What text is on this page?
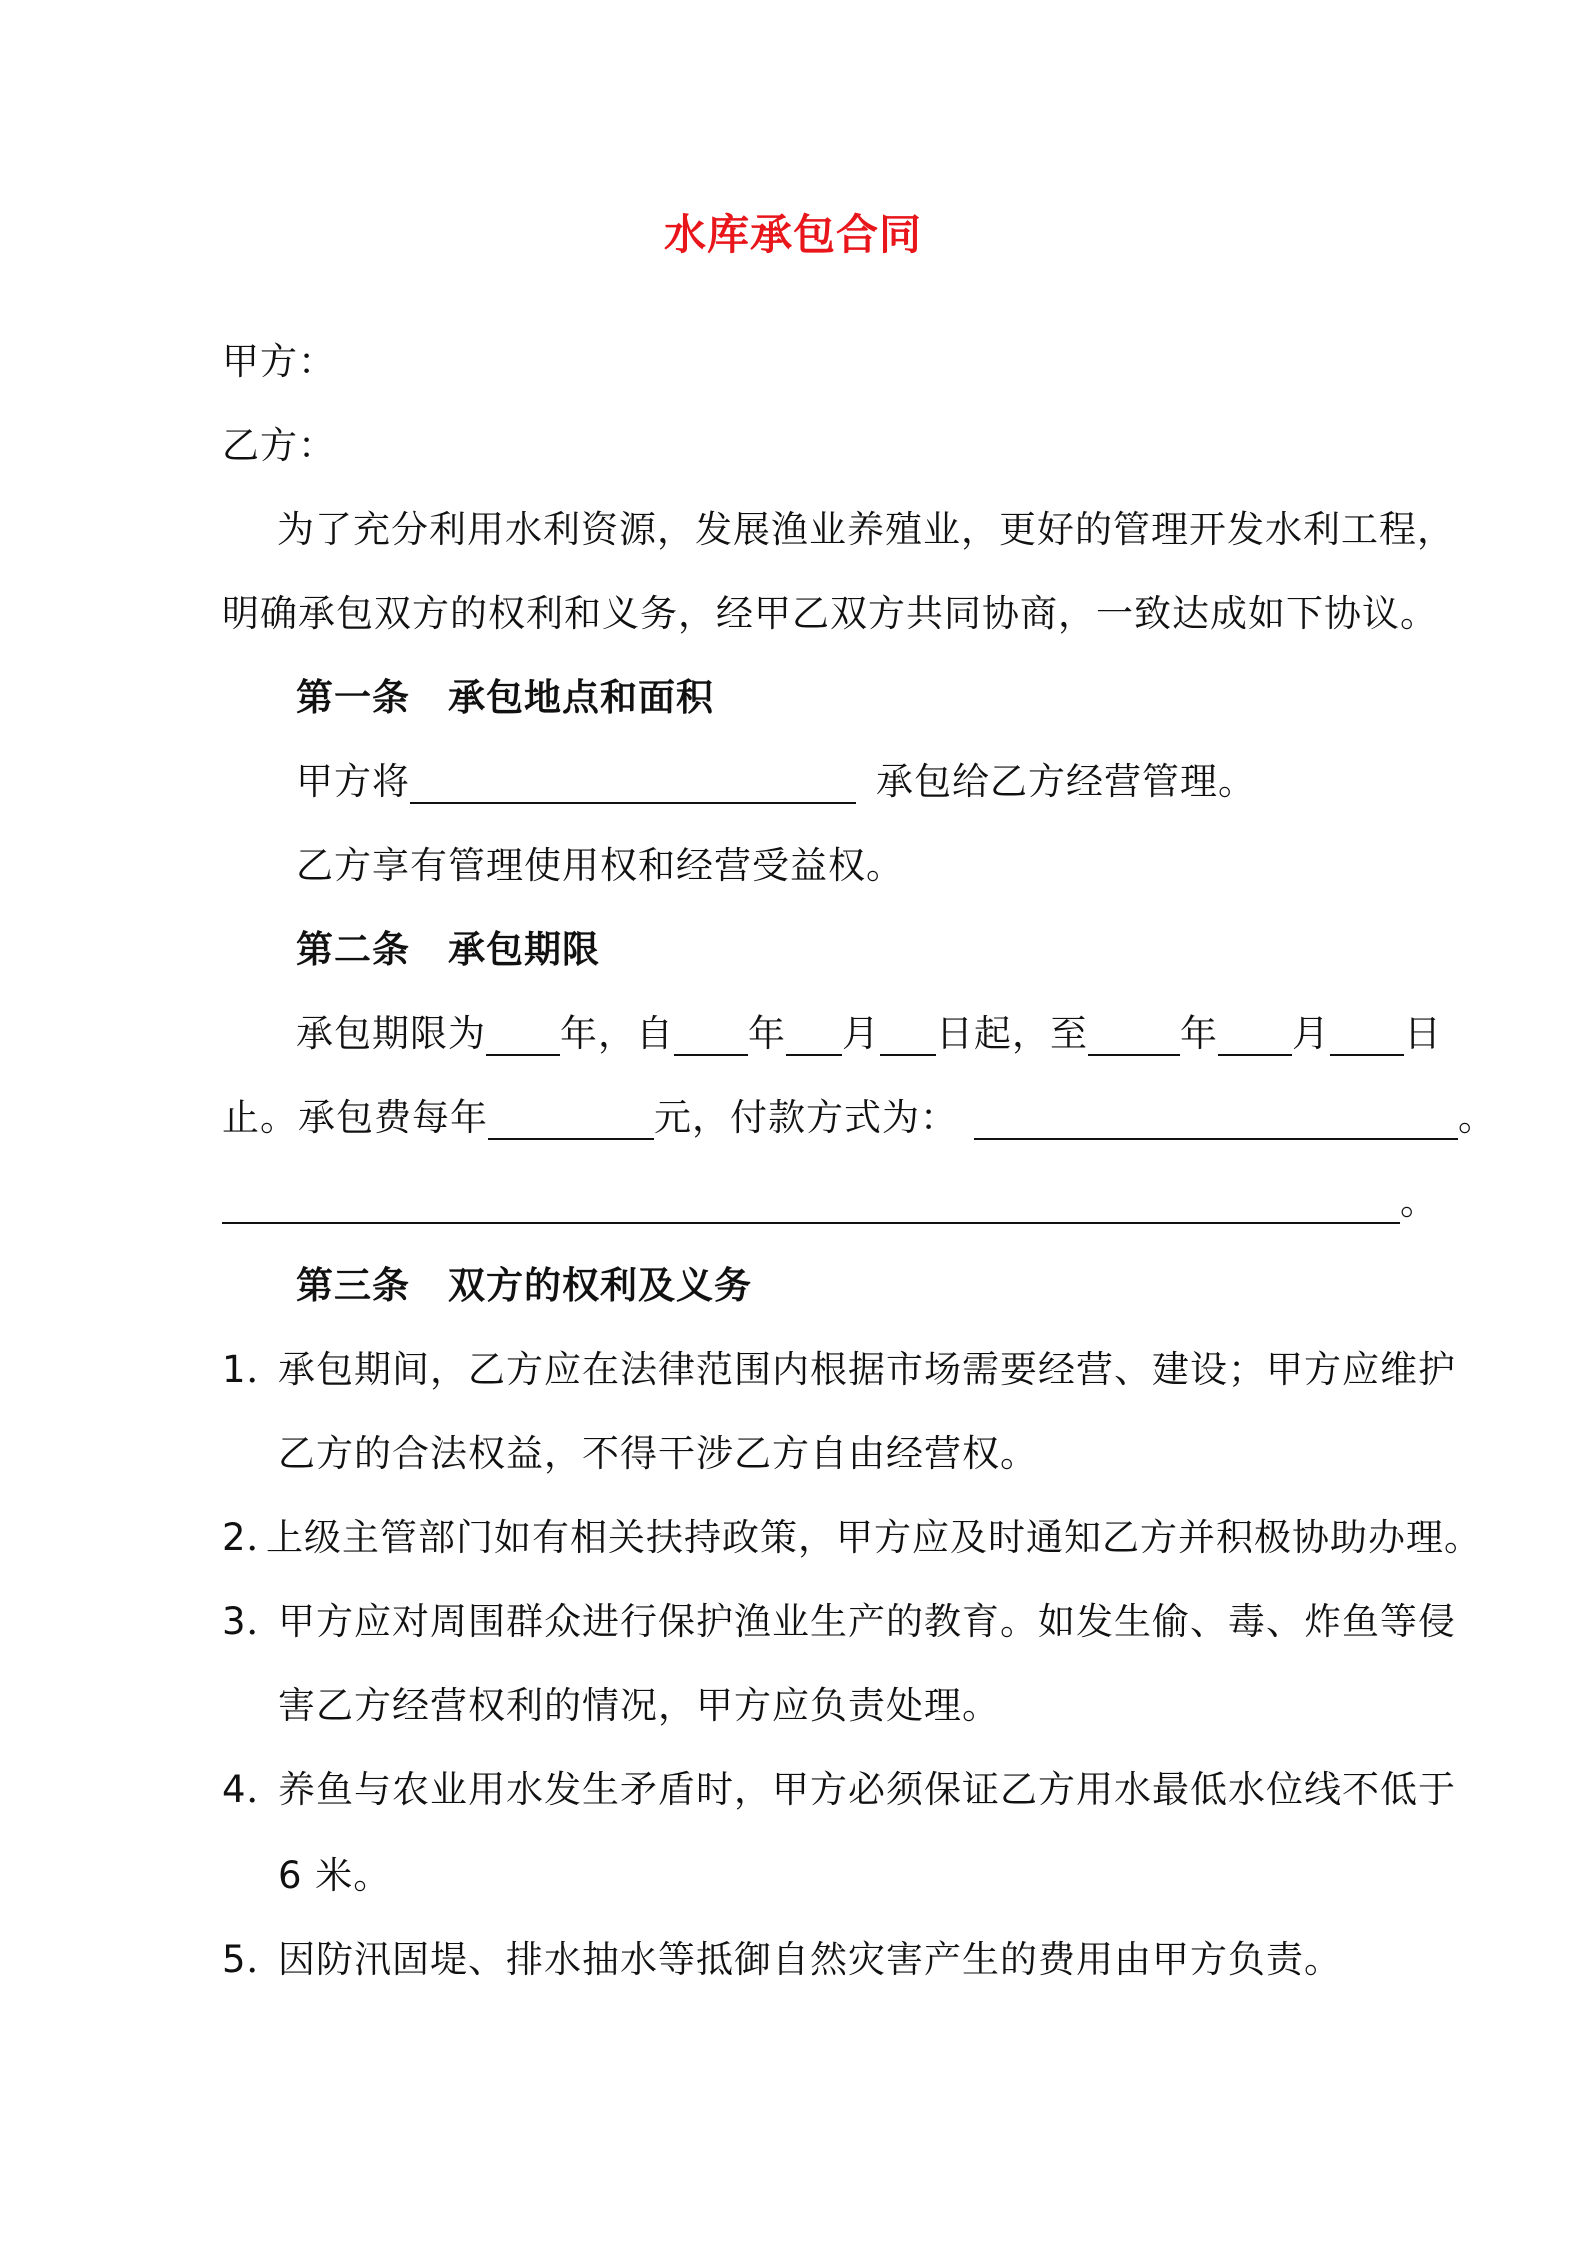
水库承包合同
甲方：
乙方：
为了充分利用水利资源，发展渔业养殖业，更好的管理开发水利工程，
明确承包双方的权利和义务，经甲乙双方共同协商，一致达成如下协议。
第一条 承包地点和面积
甲方将	承包给乙方经营管理。
乙方享有管理使用权和经营受益权。
第二条 承包期限
承包期限为 年，自 年 月 日起，至 年 月 日
止。承包费每年	元，付款方式为：	。
。
第三条 双方的权利及义务
1．承包期间，乙方应在法律范围内根据市场需要经营、建设；甲方应维护
乙方的合法权益，不得干涉乙方自由经营权。
2．上级主管部门如有相关扶持政策，甲方应及时通知乙方并积极协助办理。
3．甲方应对周围群众进行保护渔业生产的教育。如发生偷、毒、炸鱼等侵
害乙方经营权利的情况，甲方应负责处理。
4．养鱼与农业用水发生矛盾时，甲方必须保证乙方用水最低水位线不低于
6 米。
5．因防汛固堤、排水抽水等抵御自然灾害产生的费用由甲方负责。
